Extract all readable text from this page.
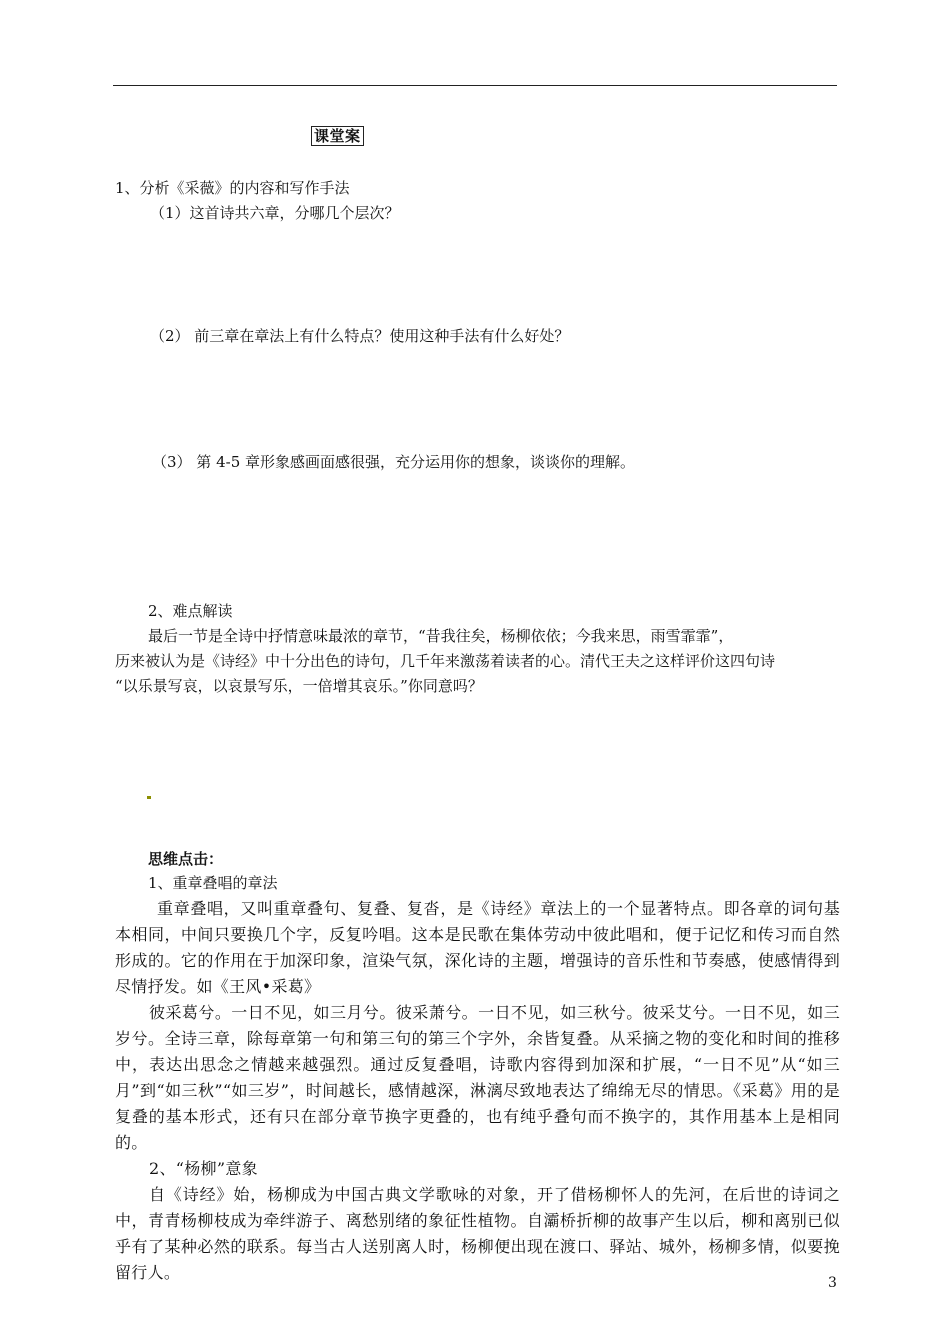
课堂案
1、分析《采薇》的内容和写作手法
（1）这首诗共六章，分哪几个层次？
（2） 前三章在章法上有什么特点？使用这种手法有什么好处？
（3） 第 4-5 章形象感画面感很强，充分运用你的想象，谈谈你的理解。
2、难点解读
最后一节是全诗中抒情意味最浓的章节，“昔我往矣，杨柳依依；今我来思，雨雪霏霏”，
历来被认为是《诗经》中十分出色的诗句，几千年来激荡着读者的心。清代王夫之这样评价这四句诗
“以乐景写哀，以哀景写乐，一倍增其哀乐。”你同意吗？
思维点击：
1、重章叠唱的章法

重章叠唱，又叫重章叠句、复叠、复沓，是《诗经》章法上的一个显著特点。即各章的词句基本相同，中间只要换几个字，反复吟唱。这本是民歌在集体劳动中彼此唱和，便于记忆和传习而自然形成的。它的作用在于加深印象，渲染气氛，深化诗的主题，增强诗的音乐性和节奏感，使感情得到尽情抒发。如《王风•采葛》

彼采葛兮。一日不见，如三月兮。彼采萧兮。一日不见，如三秋兮。彼采艾兮。一日不见，如三岁兮。全诗三章，除每章第一句和第三句的第三个字外，余皆复叠。从采摘之物的变化和时间的推移中，表达出思念之情越来越强烈。通过反复叠唱，诗歌内容得到加深和扩展，“一日不见”从“如三月”到“如三秋”“如三岁”，时间越长，感情越深，淋漓尽致地表达了绵绵无尽的情思。《采葛》用的是复叠的基本形式，还有只在部分章节换字更叠的，也有纯乎叠句而不换字的，其作用基本上是相同的。

2、“杨柳”意象

自《诗经》始，杨柳成为中国古典文学歌咏的对象，开了借杨柳怀人的先河，在后世的诗词之中，青青杨柳枝成为牵绊游子、离愁别绪的象征性植物。自灞桥折柳的故事产生以后，柳和离别已似乎有了某种必然的联系。每当古人送别离人时，杨柳便出现在渡口、驿站、城外，杨柳多情，似要挽留行人。

3
